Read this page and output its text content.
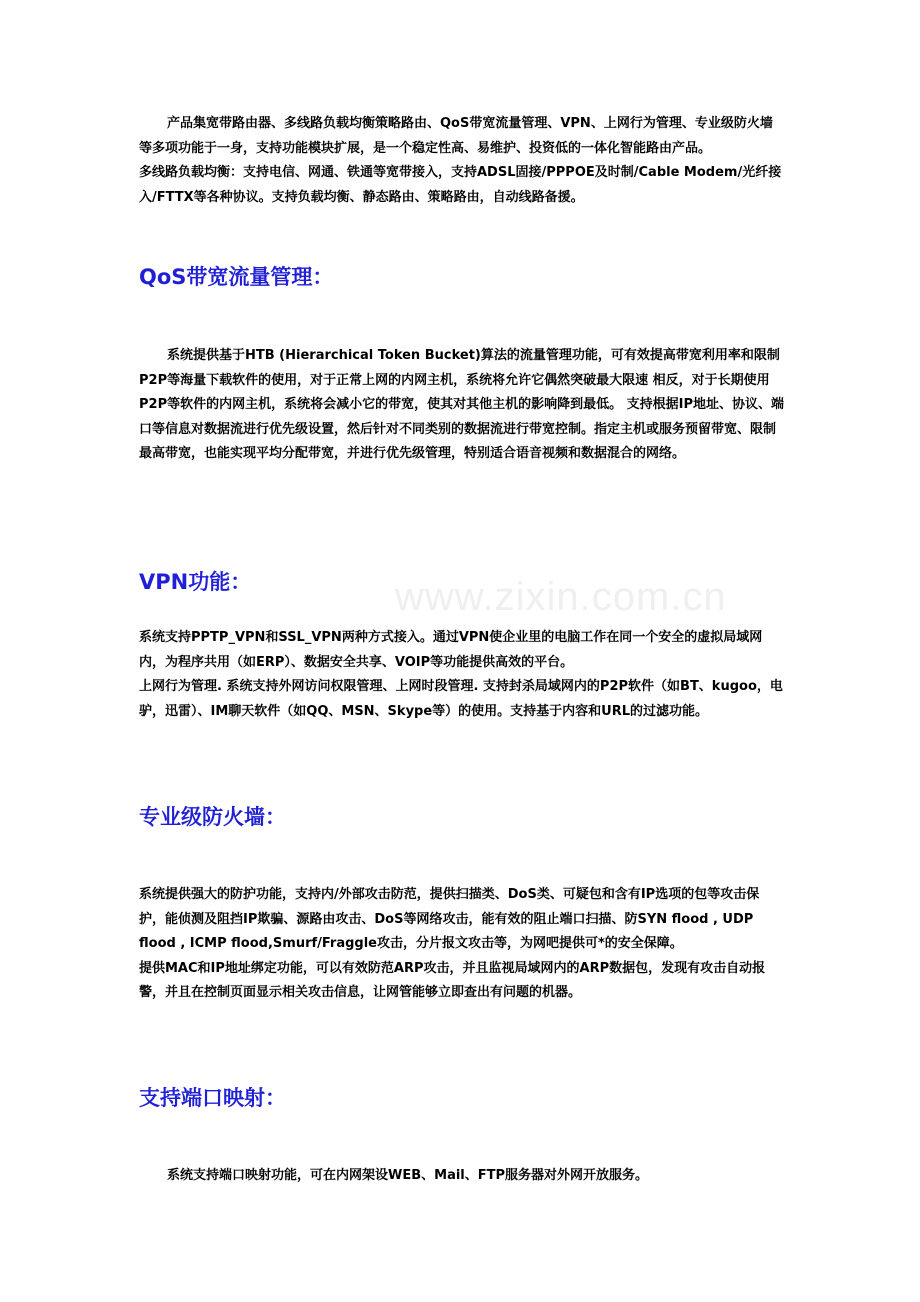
www.zixin.com.cn

产品集宽带路由器、多线路负载均衡策略路由、QoS带宽流量管理、VPN、上网行为管理、专业级防火墙等多项功能于一身，支持功能模块扩展，是一个稳定性高、易维护、投资低的一体化智能路由产品。

多线路负载均衡：支持电信、网通、铁通等宽带接入，支持ADSL固接/PPPOE及时制/Cable Modem/光纤接入/FTTX等各种协议。支持负载均衡、静态路由、策略路由，自动线路备援。

QoS带宽流量管理：

系统提供基于HTB (Hierarchical Token Bucket)算法的流量管理功能，可有效提高带宽利用率和限制P2P等海量下载软件的使用，对于正常上网的内网主机，系统将允许它偶然突破最大限速 相反，对于长期使用P2P等软件的内网主机，系统将会减小它的带宽，使其对其他主机的影响降到最低。 支持根据IP地址、协议、端口等信息对数据流进行优先级设置，然后针对不同类别的数据流进行带宽控制。指定主机或服务预留带宽、限制最高带宽，也能实现平均分配带宽，并进行优先级管理，特别适合语音视频和数据混合的网络。

VPN功能：

系统支持PPTP_VPN和SSL_VPN两种方式接入。通过VPN使企业里的电脑工作在同一个安全的虚拟局域网内，为程序共用（如ERP）、数据安全共享、VOIP等功能提供高效的平台。

上网行为管理. 系统支持外网访问权限管理、上网时段管理. 支持封杀局域网内的P2P软件（如BT、kugoo，电驴，迅雷）、IM聊天软件（如QQ、MSN、Skype等）的使用。支持基于内容和URL的过滤功能。

专业级防火墙：

系统提供强大的防护功能，支持内/外部攻击防范，提供扫描类、DoS类、可疑包和含有IP选项的包等攻击保护，能侦测及阻挡IP欺骗、源路由攻击、DoS等网络攻击，能有效的阻止端口扫描、防SYN flood , UDP flood , ICMP flood,Smurf/Fraggle攻击，分片报文攻击等，为网吧提供可*的安全保障。

提供MAC和IP地址绑定功能，可以有效防范ARP攻击，并且监视局域网内的ARP数据包，发现有攻击自动报警，并且在控制页面显示相关攻击信息，让网管能够立即查出有问题的机器。

支持端口映射：

系统支持端口映射功能，可在内网架设WEB、Mail、FTP服务器对外网开放服务。
